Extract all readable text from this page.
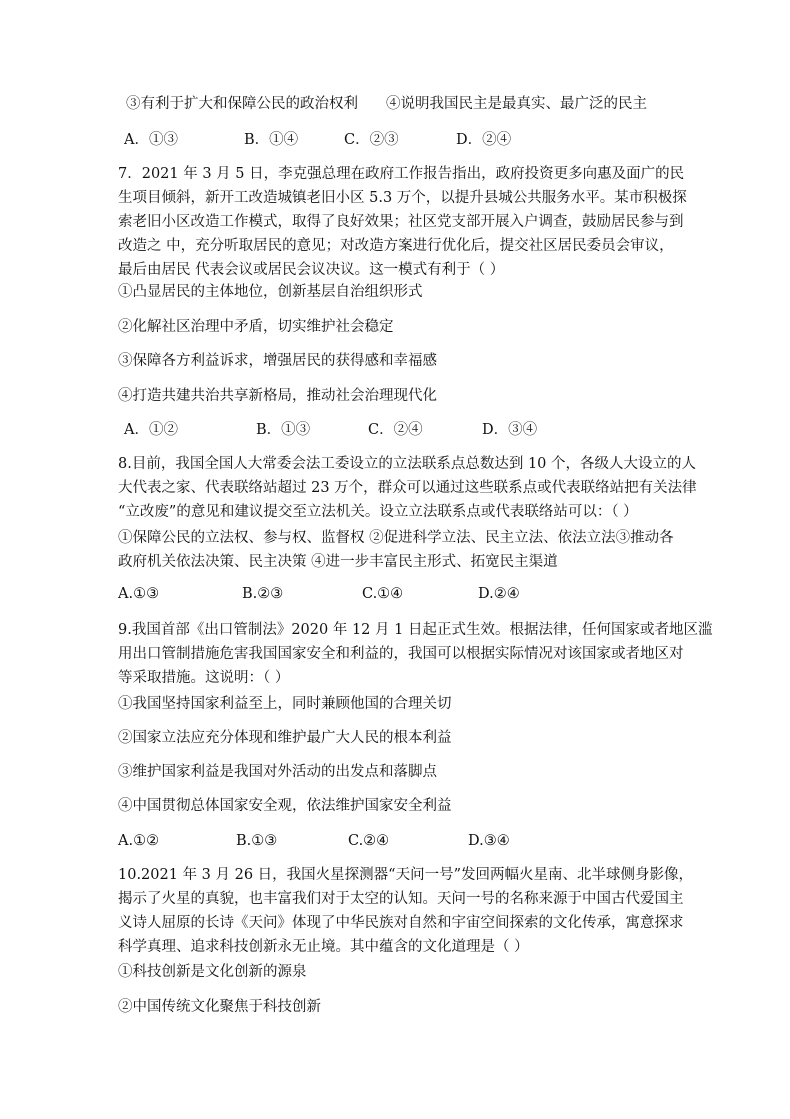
③有利于扩大和保障公民的政治权利 ④说明我国民主是最真实、最广泛的民主
A．①③	B．①④	C．②③	D．②④
7．2021 年 3 月 5 日，李克强总理在政府工作报告指出，政府投资更多向惠及面广的民
生项目倾斜，新开工改造城镇老旧小区 5.3 万个，以提升县城公共服务水平。某市积极探
索老旧小区改造工作模式，取得了良好效果；社区党支部开展入户调查，鼓励居民参与到
改造之 中，充分听取居民的意见；对改造方案进行优化后，提交社区居民委员会审议，
最后由居民 代表会议或居民会议决议。这一模式有利于（ ）
①凸显居民的主体地位，创新基层自治组织形式
②化解社区治理中矛盾，切实维护社会稳定
③保障各方利益诉求，增强居民的获得感和幸福感
④打造共建共治共享新格局，推动社会治理现代化
A．①②	B．①③	C．②④	D．③④
8.目前，我国全国人大常委会法工委设立的立法联系点总数达到 10 个，各级人大设立的人
大代表之家、代表联络站超过 23 万个，群众可以通过这些联系点或代表联络站把有关法律
“立改废”的意见和建议提交至立法机关。设立立法联系点或代表联络站可以：（ ）
①保障公民的立法权、参与权、监督权 ②促进科学立法、民主立法、依法立法③推动各
政府机关依法决策、民主决策 ④进一步丰富民主形式、拓宽民主渠道
A.①③	B.②③	C.①④	D.②④
9.我国首部《出口管制法》2020 年 12 月 1 日起正式生效。根据法律，任何国家或者地区滥
用出口管制措施危害我国国家安全和利益的，我国可以根据实际情况对该国家或者地区对
等采取措施。这说明：（ ）
①我国坚持国家利益至上，同时兼顾他国的合理关切
②国家立法应充分体现和维护最广大人民的根本利益
③维护国家利益是我国对外活动的出发点和落脚点
④中国贯彻总体国家安全观，依法维护国家安全利益
A.①②	B.①③	C.②④	D.③④
10.2021 年 3 月 26 日，我国火星探测器“天问一号”发回两幅火星南、北半球侧身影像，
揭示了火星的真貌，也丰富我们对于太空的认知。天问一号的名称来源于中国古代爱国主
义诗人屈原的长诗《天问》体现了中华民族对自然和宇宙空间探索的文化传承，寓意探求
科学真理、追求科技创新永无止境。其中蕴含的文化道理是（ ）
①科技创新是文化创新的源泉
②中国传统文化聚焦于科技创新
